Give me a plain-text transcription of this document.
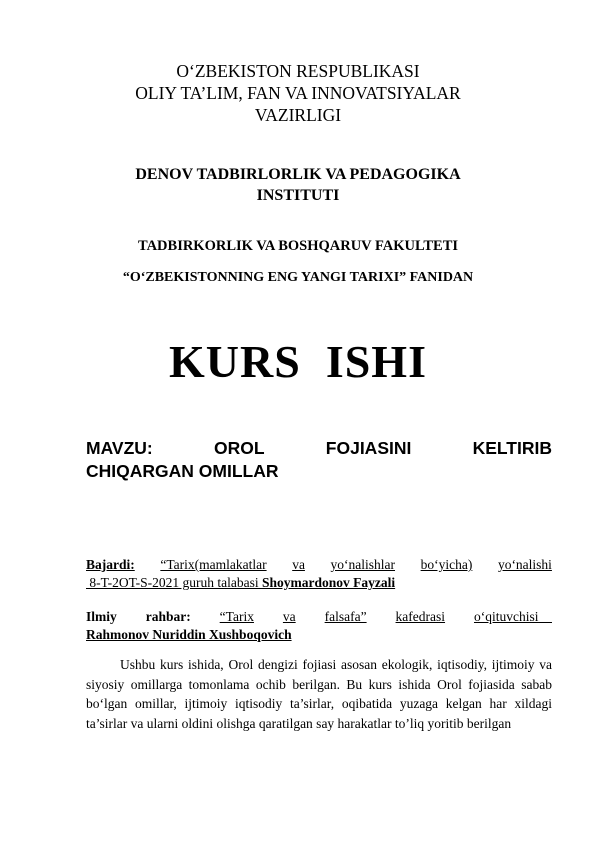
O‘ZBEKISTON RESPUBLIKASI
OLIY TA’LIM, FAN VA INNOVATSIYALAR
VAZIRLIGI
DENOV TADBIRLORLIK VA PEDAGOGIKA
INSTITUTI
TADBIRKORLIK VA BOSHQARUV FAKULTETI
“O‘ZBEKISTONNING ENG YANGI TARIXI” FANIDAN
KURS  ISHI
MAVZU:	OROL	FOJIASINI	KELTIRIB
CHIQARGAN OMILLAR
Bajardi: “Tarix(mamlakatlar va yo‘nalishlar bo‘yicha) yo‘nalishi
8-T-2OT-S-2021 guruh talabasi Shoymardonov Fayzali
Ilmiy rahbar: “Tarix va falsafa” kafedrasi o‘qituvchisi
Rahmonov Nuriddin Xushboqovich
Ushbu kurs ishida, Orol dengizi fojiasi asosan ekologik, iqtisodiy, ijtimoiy va siyosiy omillarga tomonlama ochib berilgan. Bu kurs ishida Orol fojiasida sabab bo‘lgan omillar, ijtimoiy iqtisodiy ta’sirlar, oqibatida yuzaga kelgan har xildagi ta’sirlar va ularni oldini olishga qaratilgan say harakatlar to’liq yoritib berilgan
